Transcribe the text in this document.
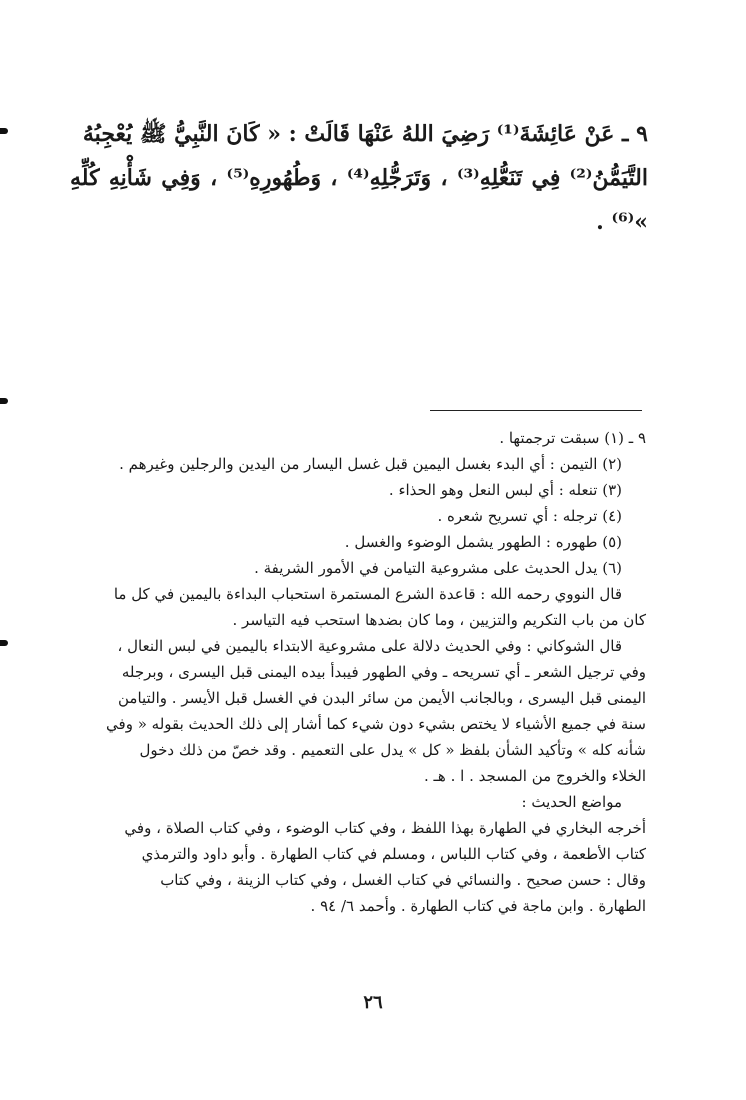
٩ ـ عَنْ عَائِشَةَ⁽¹⁾ رَضِيَ اللهُ عَنْهَا قَالَتْ : « كَانَ النَّبِيُّ ﷺ يُعْجِبُهُ
التَّيَمُّنُ⁽²⁾ فِي تَنَعُّلِهِ⁽³⁾ ، وَتَرَجُّلِهِ⁽⁴⁾ ، وَطُهُورِهِ⁽⁵⁾ ، وَفِي شَأْنِهِ كُلِّهِ »⁽⁶⁾ .

٩ ـ (١) سبقت ترجمتها .

(٢) التيمن : أي البدء بغسل اليمين قبل غسل اليسار من اليدين والرجلين وغيرهم .

(٣) تنعله : أي لبس النعل وهو الحذاء .

(٤) ترجله : أي تسريح شعره .

(٥) طهوره : الطهور يشمل الوضوء والغسل .

(٦) يدل الحديث على مشروعية التيامن في الأمور الشريفة .

قال النووي رحمه الله : قاعدة الشرع المستمرة استحباب البداءة باليمين في كل ما

كان من باب التكريم والتزيين ، وما كان بضدها استحب فيه التياسر .

قال الشوكاني : وفي الحديث دلالة على مشروعية الابتداء باليمين في لبس النعال ،

وفي ترجيل الشعر ـ أي تسريحه ـ وفي الطهور فيبدأ بيده اليمنى قبل اليسرى ، وبرجله

اليمنى قبل اليسرى ، وبالجانب الأيمن من سائر البدن في الغسل قبل الأيسر . والتيامن

سنة في جميع الأشياء لا يختص بشيء دون شيء كما أشار إلى ذلك الحديث بقوله « وفي

شأنه كله » وتأكيد الشأن بلفظ « كل » يدل على التعميم . وقد خصّ من ذلك دخول

الخلاء والخروج من المسجد . ا . هـ .

مواضع الحديث :

أخرجه البخاري في الطهارة بهذا اللفظ ، وفي كتاب الوضوء ، وفي كتاب الصلاة ، وفي

كتاب الأطعمة ، وفي كتاب اللباس ، ومسلم في كتاب الطهارة . وأبو داود والترمذي

وقال : حسن صحيح . والنسائي في كتاب الغسل ، وفي كتاب الزينة ، وفي كتاب

الطهارة . وابن ماجة في كتاب الطهارة . وأحمد ٦/ ٩٤ .

٢٦
